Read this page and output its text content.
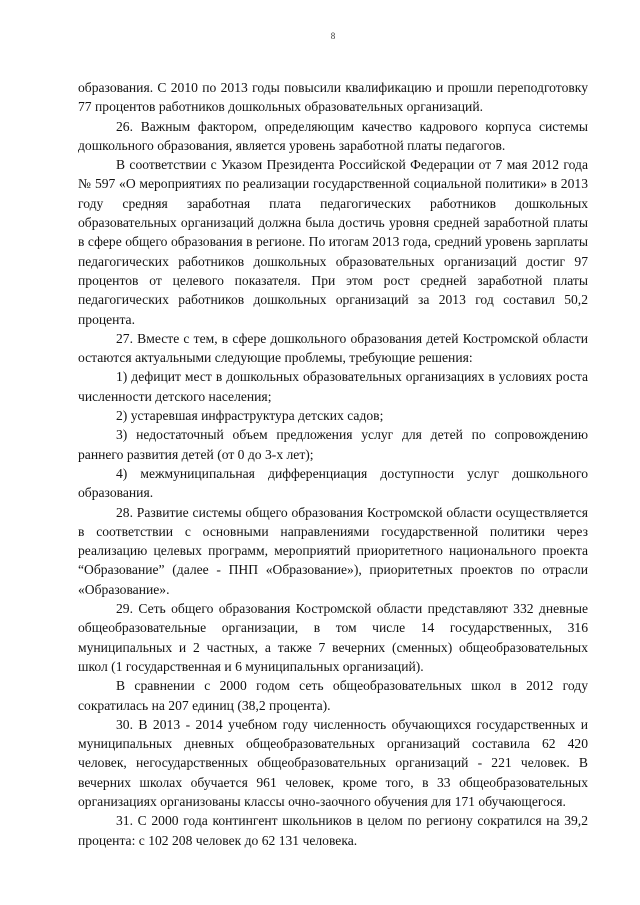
8

образования. С 2010 по 2013 годы повысили квалификацию и прошли переподготовку 77 процентов работников дошкольных образовательных организаций.

26. Важным фактором, определяющим качество кадрового корпуса системы дошкольного образования, является уровень заработной платы педагогов.

В соответствии с Указом Президента Российской Федерации от 7 мая 2012 года № 597 «О мероприятиях по реализации государственной социальной политики» в 2013 году средняя заработная плата педагогических работников дошкольных образовательных организаций должна была достичь уровня средней заработной платы в сфере общего образования в регионе. По итогам 2013 года, средний уровень зарплаты педагогических работников дошкольных образовательных организаций достиг 97 процентов от целевого показателя. При этом рост средней заработной платы педагогических работников дошкольных организаций за 2013 год составил 50,2 процента.

27. Вместе с тем, в сфере дошкольного образования детей Костромской области остаются актуальными следующие проблемы, требующие решения:

1) дефицит мест в дошкольных образовательных организациях в условиях роста численности детского населения;

2) устаревшая инфраструктура детских садов;

3) недостаточный объем предложения услуг для детей по сопровождению раннего развития детей (от 0 до 3-х лет);

4) межмуниципальная дифференциация доступности услуг дошкольного образования.

28. Развитие системы общего образования Костромской области осуществляется в соответствии с основными направлениями государственной политики через реализацию целевых программ, мероприятий приоритетного национального проекта “Образование” (далее - ПНП «Образование»), приоритетных проектов по отрасли «Образование».

29. Сеть общего образования Костромской области представляют 332 дневные общеобразовательные организации, в том числе 14 государственных, 316 муниципальных и 2 частных, а также 7 вечерних (сменных) общеобразовательных школ (1 государственная и 6 муниципальных организаций).

В сравнении с 2000 годом сеть общеобразовательных школ в 2012 году сократилась на 207 единиц (38,2 процента).

30. В 2013 - 2014 учебном году численность обучающихся государственных и муниципальных дневных общеобразовательных организаций составила 62 420 человек, негосударственных общеобразовательных организаций - 221 человек. В вечерних школах обучается 961 человек, кроме того, в 33 общеобразовательных организациях организованы классы очно-заочного обучения для 171 обучающегося.

31. С 2000 года контингент школьников в целом по региону сократился на 39,2 процента: с 102 208 человек до 62 131 человека.
